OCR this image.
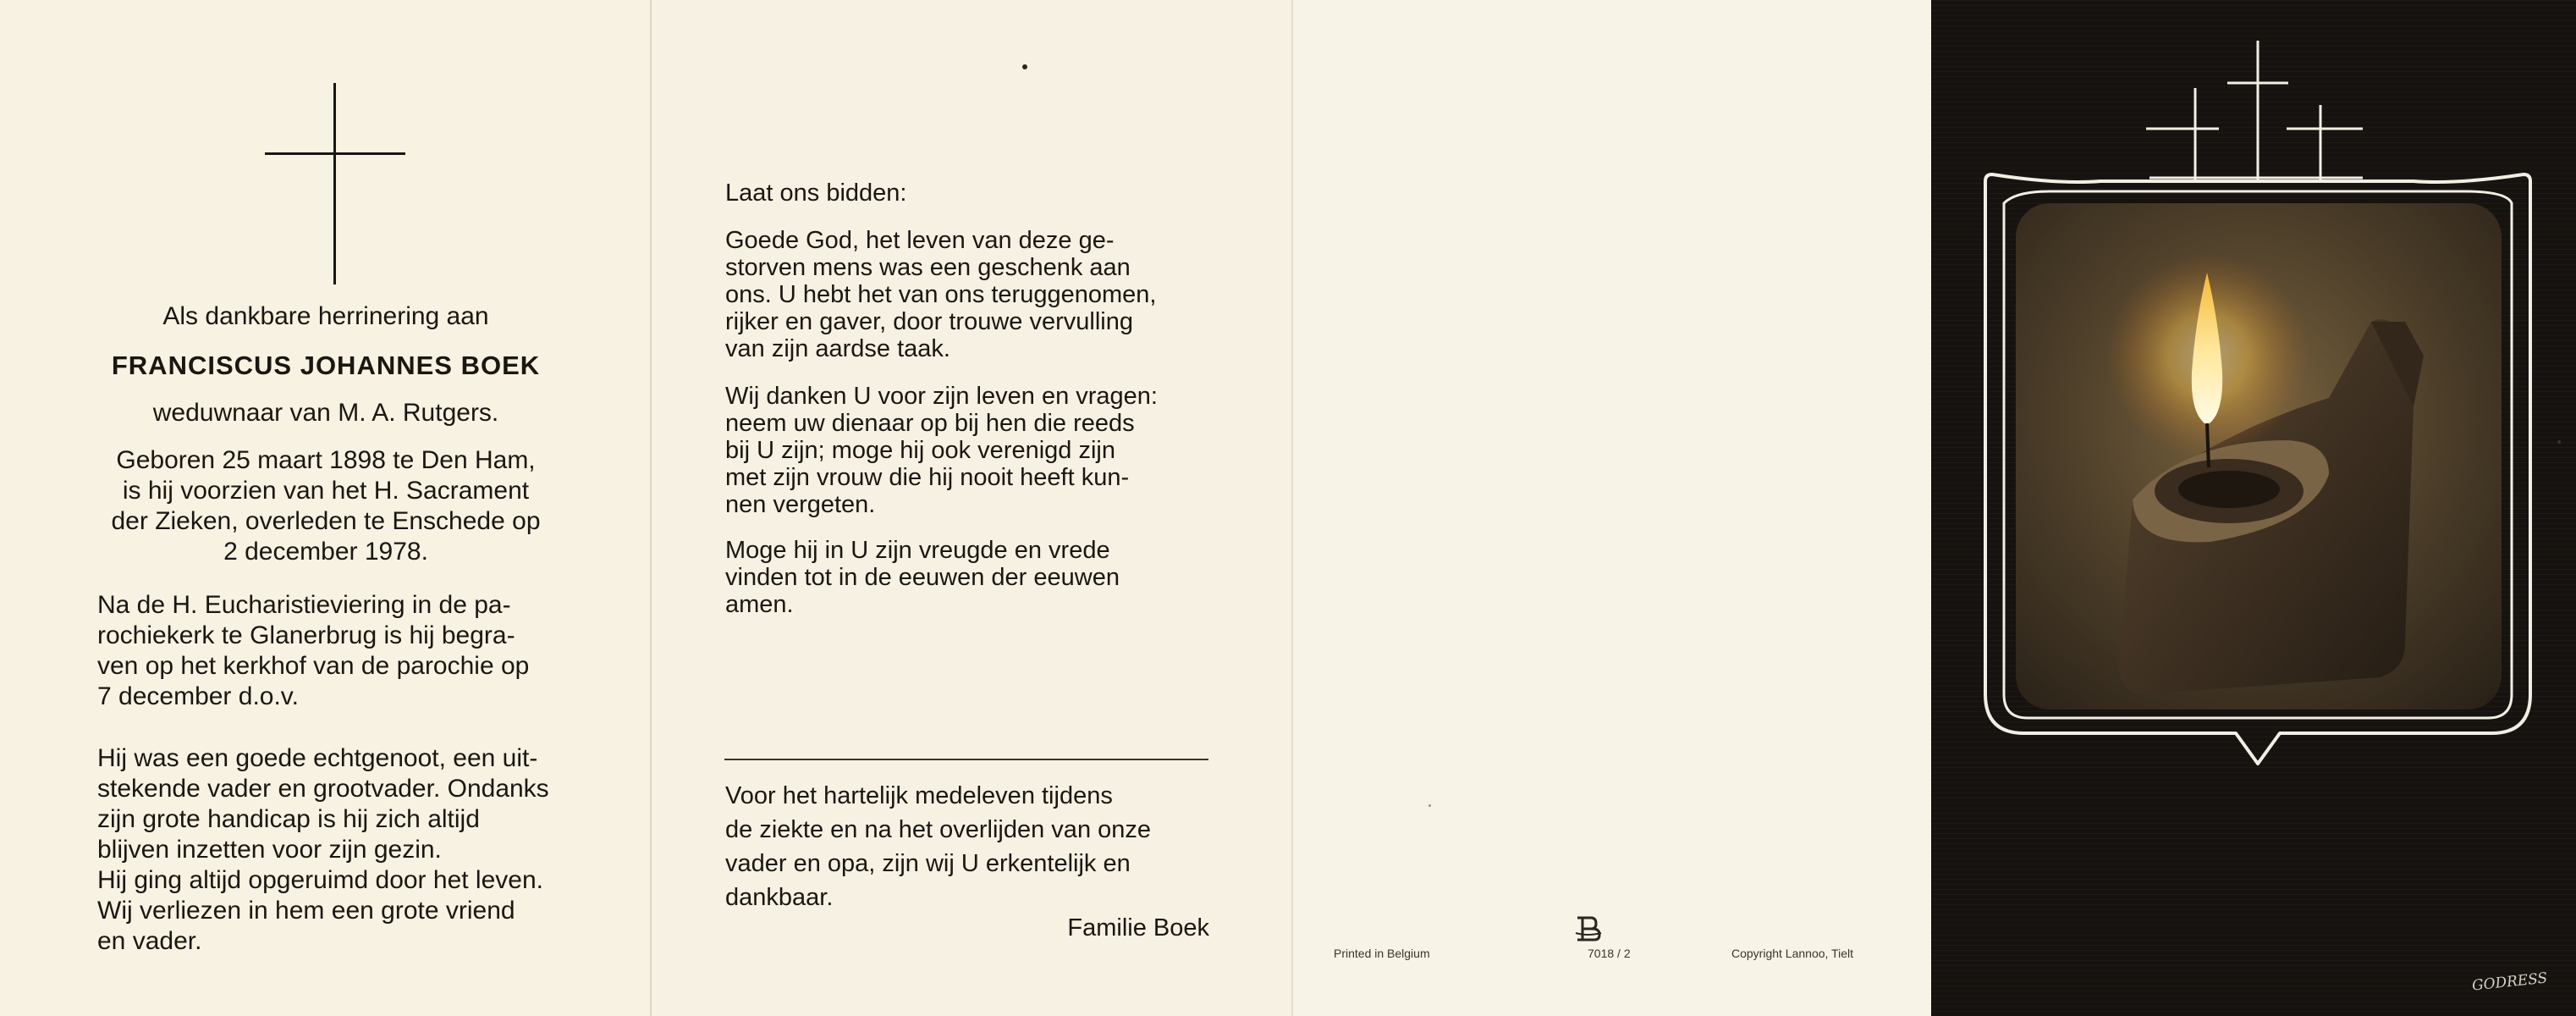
Als dankbare herrinering aan
FRANCISCUS JOHANNES BOEK
weduwnaar van M. A. Rutgers.
Geboren 25 maart 1898 te Den Ham,
is hij voorzien van het H. Sacrament
der Zieken, overleden te Enschede op
2 december 1978.

Na de H. Eucharistieviering in de pa-

rochiekerk te Glanerbrug is hij begra-

ven op het kerkhof van de parochie op

7 december d.o.v.

Hij was een goede echtgenoot, een uit-

stekende vader en grootvader. Ondanks

zijn grote handicap is hij zich altijd

blijven inzetten voor zijn gezin.

Hij ging altijd opgeruimd door het leven.

Wij verliezen in hem een grote vriend

en vader.

Laat ons bidden:

Goede God, het leven van deze ge-

storven mens was een geschenk aan

ons. U hebt het van ons teruggenomen,

rijker en gaver, door trouwe vervulling

van zijn aardse taak.

Wij danken U voor zijn leven en vragen:

neem uw dienaar op bij hen die reeds

bij U zijn; moge hij ook verenigd zijn

met zijn vrouw die hij nooit heeft kun-

nen vergeten.

Moge hij in U zijn vreugde en vrede

vinden tot in de eeuwen der eeuwen

amen.

Voor het hartelijk medeleven tijdens

de ziekte en na het overlijden van onze

vader en opa, zijn wij U erkentelijk en

dankbaar.

Familie Boek
Printed in Belgium	7018 / 2	Copyright Lannoo, Tielt
GODRESS
